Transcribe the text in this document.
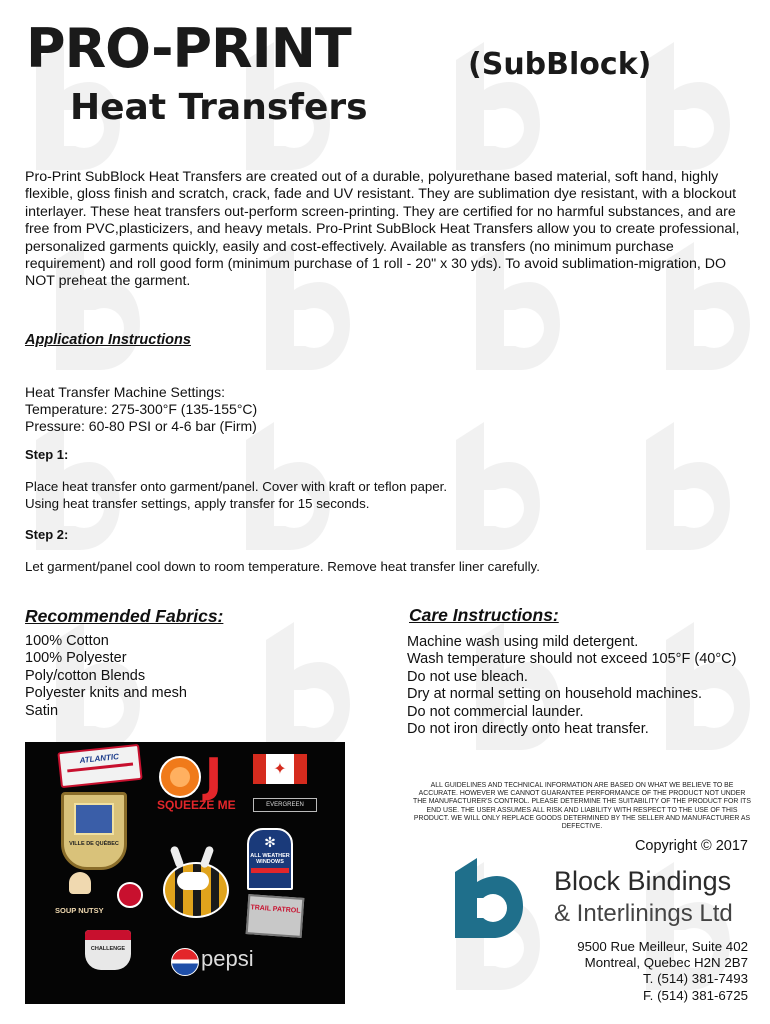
PRO-PRINT	(SubBlock)
Heat Transfers

Pro-Print SubBlock Heat Transfers are created out of a durable, polyurethane based material, soft hand, highly flexible, gloss finish and scratch, crack, fade and UV resistant. They are sublimation dye resistant, with a blockout interlayer. These heat transfers out-perform screen-printing. They are certified for no harmful substances, and are free from PVC,plasticizers, and heavy metals. Pro-Print SubBlock Heat Transfers allow you to create professional, personalized garments quickly, easily and cost-effectively. Available as transfers (no minimum purchase requirement) and roll good form (minimum purchase of 1 roll - 20" x 30 yds). To avoid sublimation-migration, DO NOT preheat the garment.

Application Instructions

Heat Transfer Machine Settings:
Temperature: 275-300°F (135-155°C)
Pressure: 60-80 PSI or 4-6 bar (Firm)
Step 1:
Place heat transfer onto garment/panel. Cover with kraft or teflon paper.
Using heat transfer settings, apply transfer for 15 seconds.
Step 2:
Let garment/panel cool down to room temperature. Remove heat transfer liner carefully.

Recommended Fabrics:

100% Cotton
100% Polyester
Poly/cotton Blends
Polyester knits and mesh
Satin

Care Instructions:

Machine wash using mild detergent.
Wash temperature should not exceed 105°F (40°C)
Do not use bleach.
Dry at normal setting on household machines.
Do not commercial launder.
Do not iron directly onto heat transfer.
ATLANTIC	J
SQUEEZE ME
✦
EVERGREEN
VILLE DE QUÉBEC	✻
ALL WEATHER WINDOWS
SOUP NUTSY	TRAIL PATROL
CHALLENGE	pepsi
ALL GUIDELINES AND TECHNICAL INFORMATION ARE BASED ON WHAT WE BELIEVE TO BE ACCURATE. HOWEVER WE CANNOT GUARANTEE PERFORMANCE OF THE PRODUCT NOT UNDER THE MANUFACTURER'S CONTROL. PLEASE DETERMINE THE SUITABILITY OF THE PRODUCT FOR ITS END USE. THE USER ASSUMES ALL RISK AND LIABILITY WITH RESPECT TO THE USE OF THIS PRODUCT. WE WILL ONLY REPLACE GOODS DETERMINED BY THE SELLER AND MANUFACTURER AS DEFECTIVE.
Copyright © 2017
Block Bindings
& Interlinings Ltd
9500 Rue Meilleur, Suite 402
Montreal, Quebec H2N 2B7
T. (514) 381-7493
F. (514) 381-6725
